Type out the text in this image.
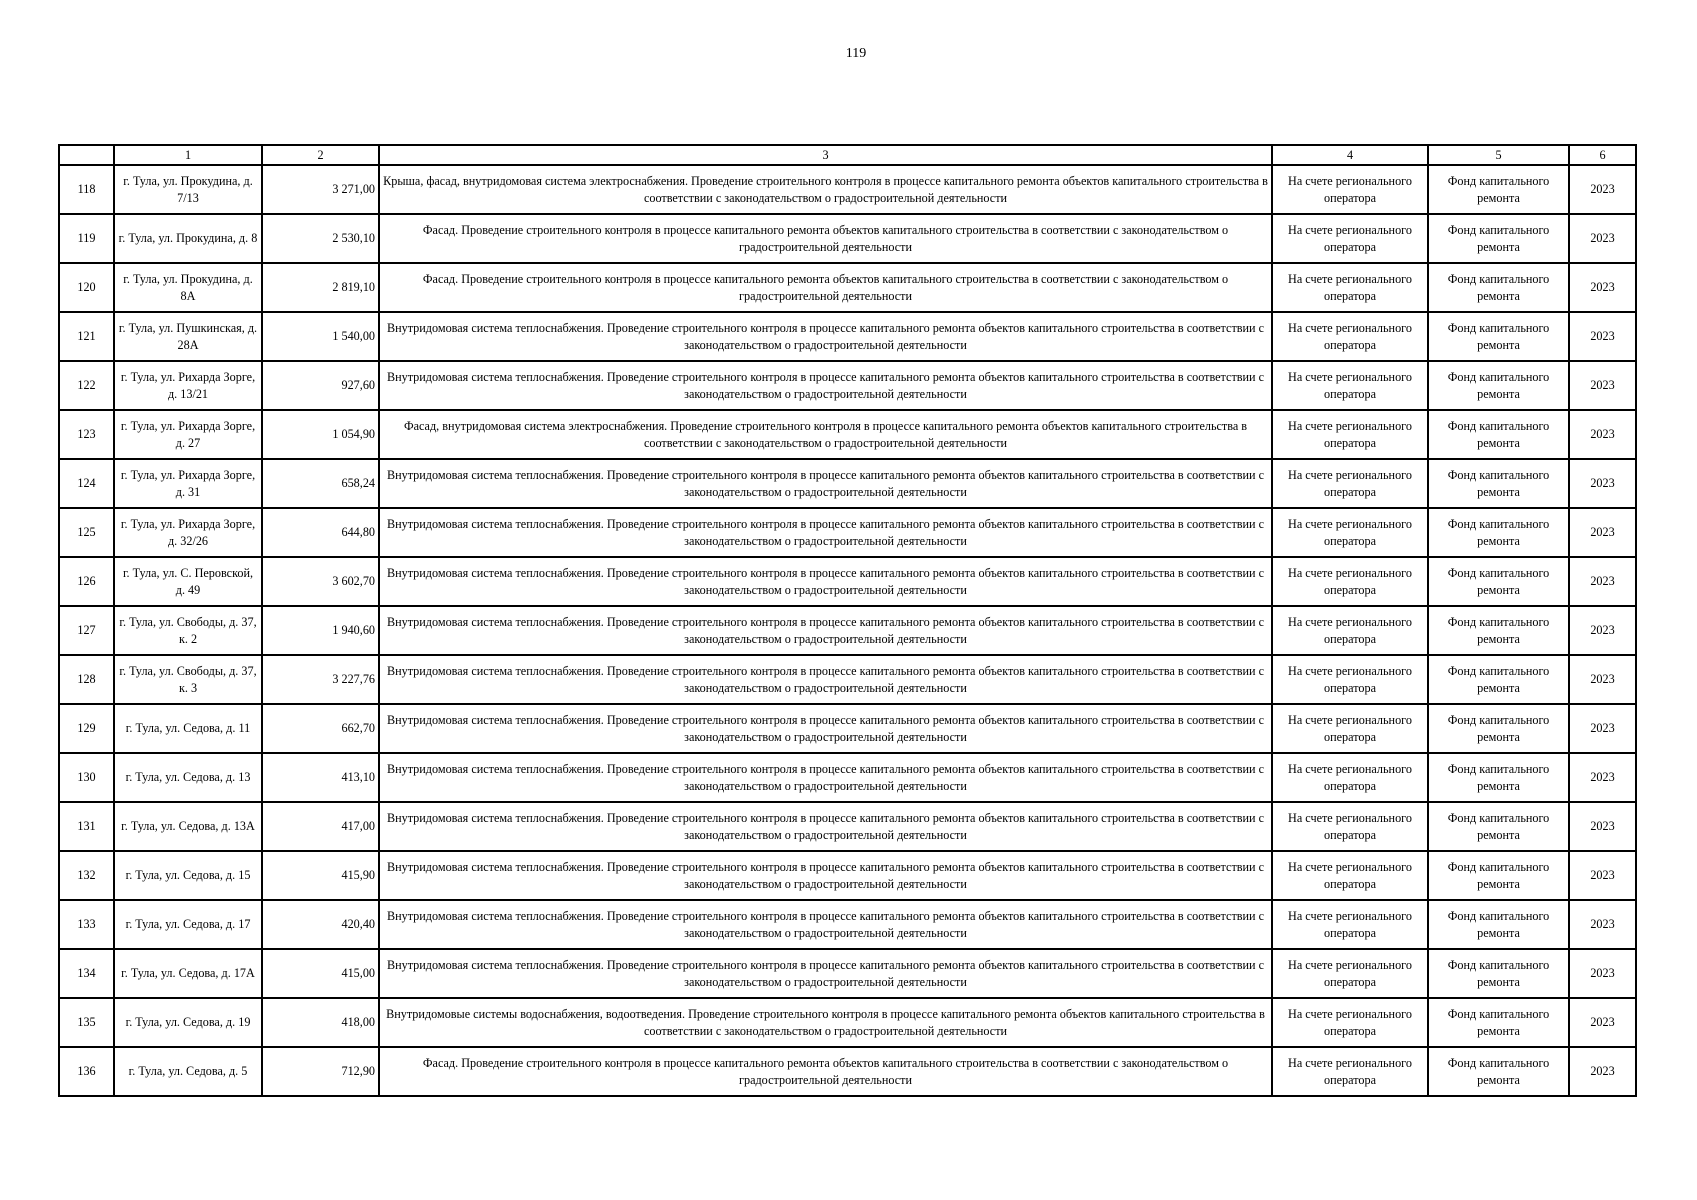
119
	1	2	3	4	5	6
118	г. Тула, ул. Прокудина, д. 7/13	3 271,00	Крыша, фасад, внутридомовая система электроснабжения. Проведение строительного контроля в процессе капитального ремонта объектов капитального строительства в соответствии с законодательством о градостроительной деятельности	На счете регионального оператора	Фонд капитального ремонта	2023
119	г. Тула, ул. Прокудина, д. 8	2 530,10	Фасад. Проведение строительного контроля в процессе капитального ремонта объектов капитального строительства в соответствии с законодательством о градостроительной деятельности	На счете регионального оператора	Фонд капитального ремонта	2023
120	г. Тула, ул. Прокудина, д. 8А	2 819,10	Фасад. Проведение строительного контроля в процессе капитального ремонта объектов капитального строительства в соответствии с законодательством о градостроительной деятельности	На счете регионального оператора	Фонд капитального ремонта	2023
121	г. Тула, ул. Пушкинская, д. 28А	1 540,00	Внутридомовая система теплоснабжения. Проведение строительного контроля в процессе капитального ремонта объектов капитального строительства в соответствии с законодательством о градостроительной деятельности	На счете регионального оператора	Фонд капитального ремонта	2023
122	г. Тула, ул. Рихарда Зорге, д. 13/21	927,60	Внутридомовая система теплоснабжения. Проведение строительного контроля в процессе капитального ремонта объектов капитального строительства в соответствии с законодательством о градостроительной деятельности	На счете регионального оператора	Фонд капитального ремонта	2023
123	г. Тула, ул. Рихарда Зорге, д. 27	1 054,90	Фасад, внутридомовая система электроснабжения. Проведение строительного контроля в процессе капитального ремонта объектов капитального строительства в соответствии с законодательством о градостроительной деятельности	На счете регионального оператора	Фонд капитального ремонта	2023
124	г. Тула, ул. Рихарда Зорге, д. 31	658,24	Внутридомовая система теплоснабжения. Проведение строительного контроля в процессе капитального ремонта объектов капитального строительства в соответствии с законодательством о градостроительной деятельности	На счете регионального оператора	Фонд капитального ремонта	2023
125	г. Тула, ул. Рихарда Зорге, д. 32/26	644,80	Внутридомовая система теплоснабжения. Проведение строительного контроля в процессе капитального ремонта объектов капитального строительства в соответствии с законодательством о градостроительной деятельности	На счете регионального оператора	Фонд капитального ремонта	2023
126	г. Тула, ул. С. Перовской, д. 49	3 602,70	Внутридомовая система теплоснабжения. Проведение строительного контроля в процессе капитального ремонта объектов капитального строительства в соответствии с законодательством о градостроительной деятельности	На счете регионального оператора	Фонд капитального ремонта	2023
127	г. Тула, ул. Свободы, д. 37, к. 2	1 940,60	Внутридомовая система теплоснабжения. Проведение строительного контроля в процессе капитального ремонта объектов капитального строительства в соответствии с законодательством о градостроительной деятельности	На счете регионального оператора	Фонд капитального ремонта	2023
128	г. Тула, ул. Свободы, д. 37, к. 3	3 227,76	Внутридомовая система теплоснабжения. Проведение строительного контроля в процессе капитального ремонта объектов капитального строительства в соответствии с законодательством о градостроительной деятельности	На счете регионального оператора	Фонд капитального ремонта	2023
129	г. Тула, ул. Седова, д. 11	662,70	Внутридомовая система теплоснабжения. Проведение строительного контроля в процессе капитального ремонта объектов капитального строительства в соответствии с законодательством о градостроительной деятельности	На счете регионального оператора	Фонд капитального ремонта	2023
130	г. Тула, ул. Седова, д. 13	413,10	Внутридомовая система теплоснабжения. Проведение строительного контроля в процессе капитального ремонта объектов капитального строительства в соответствии с законодательством о градостроительной деятельности	На счете регионального оператора	Фонд капитального ремонта	2023
131	г. Тула, ул. Седова, д. 13А	417,00	Внутридомовая система теплоснабжения. Проведение строительного контроля в процессе капитального ремонта объектов капитального строительства в соответствии с законодательством о градостроительной деятельности	На счете регионального оператора	Фонд капитального ремонта	2023
132	г. Тула, ул. Седова, д. 15	415,90	Внутридомовая система теплоснабжения. Проведение строительного контроля в процессе капитального ремонта объектов капитального строительства в соответствии с законодательством о градостроительной деятельности	На счете регионального оператора	Фонд капитального ремонта	2023
133	г. Тула, ул. Седова, д. 17	420,40	Внутридомовая система теплоснабжения. Проведение строительного контроля в процессе капитального ремонта объектов капитального строительства в соответствии с законодательством о градостроительной деятельности	На счете регионального оператора	Фонд капитального ремонта	2023
134	г. Тула, ул. Седова, д. 17А	415,00	Внутридомовая система теплоснабжения. Проведение строительного контроля в процессе капитального ремонта объектов капитального строительства в соответствии с законодательством о градостроительной деятельности	На счете регионального оператора	Фонд капитального ремонта	2023
135	г. Тула, ул. Седова, д. 19	418,00	Внутридомовые системы водоснабжения, водоотведения. Проведение строительного контроля в процессе капитального ремонта объектов капитального строительства в соответствии с законодательством о градостроительной деятельности	На счете регионального оператора	Фонд капитального ремонта	2023
136	г. Тула, ул. Седова, д. 5	712,90	Фасад. Проведение строительного контроля в процессе капитального ремонта объектов капитального строительства в соответствии с законодательством о градостроительной деятельности	На счете регионального оператора	Фонд капитального ремонта	2023
